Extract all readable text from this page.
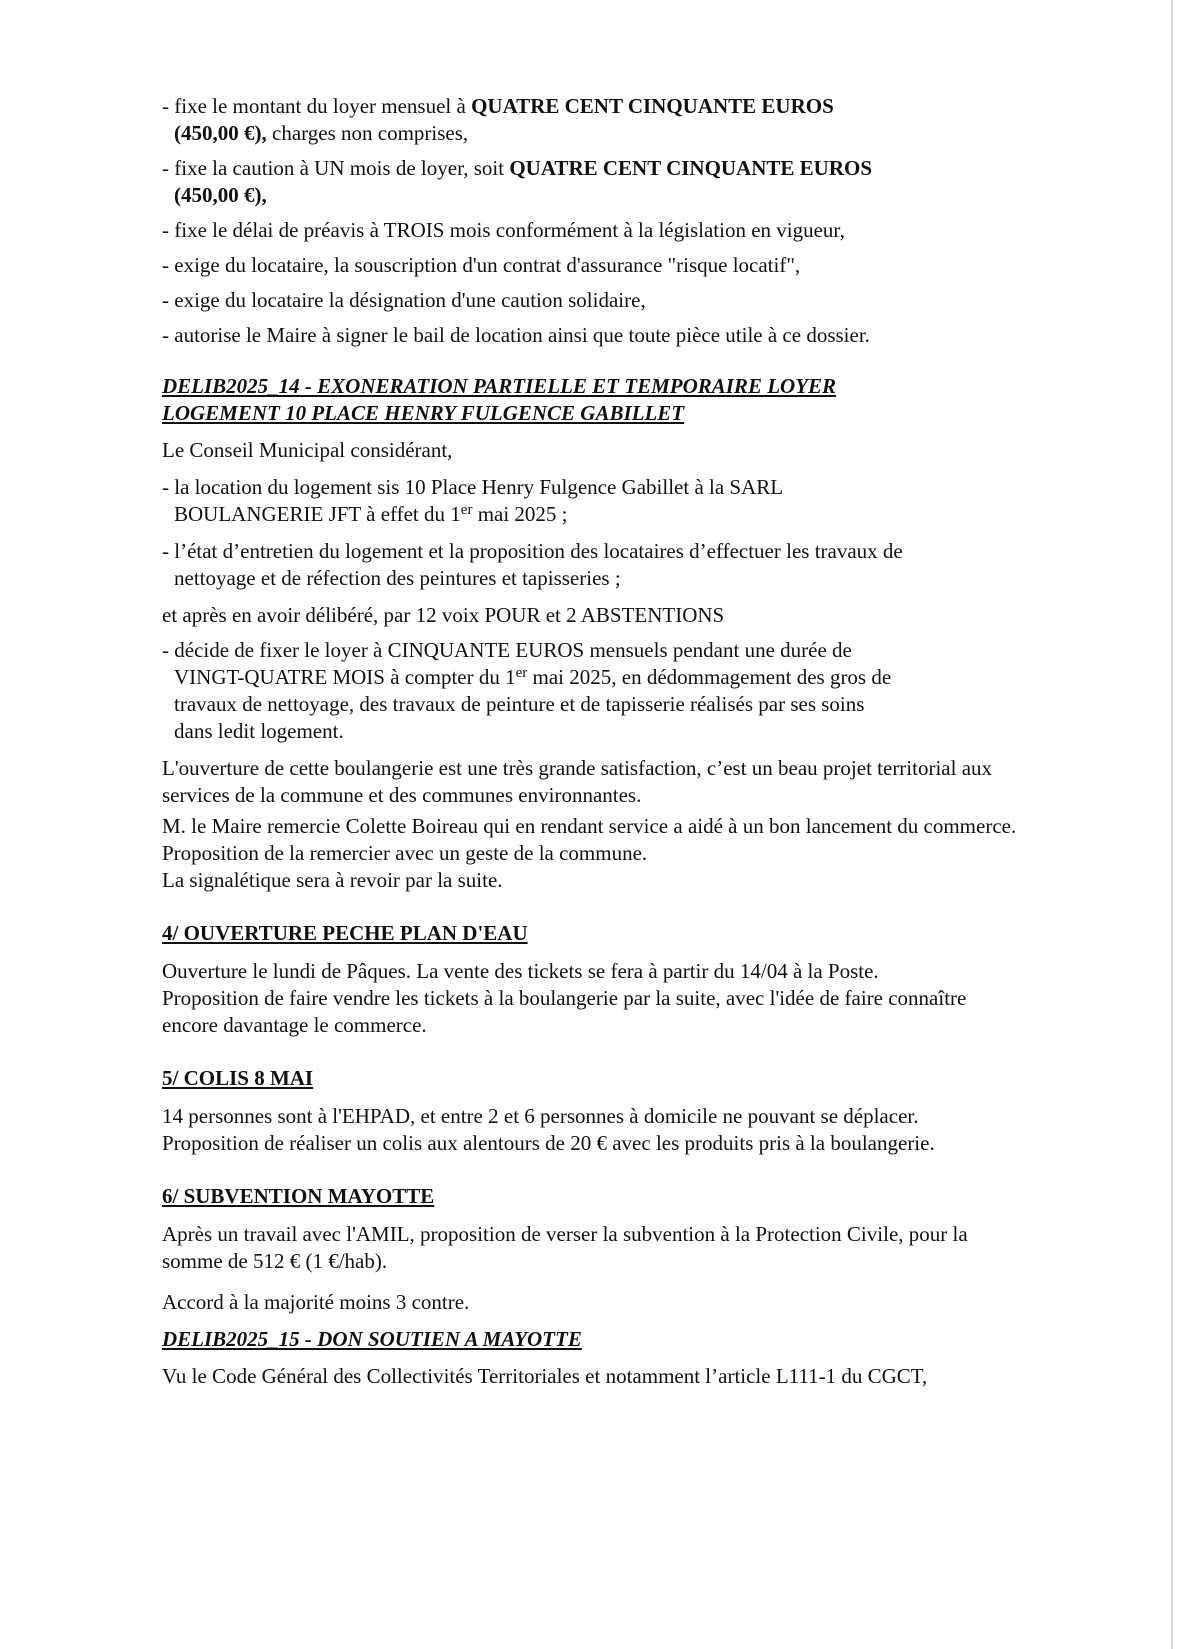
- fixe le montant du loyer mensuel à QUATRE CENT CINQUANTE EUROS
(450,00 €), charges non comprises,
- fixe la caution à UN mois de loyer, soit QUATRE CENT CINQUANTE EUROS
(450,00 €),

- fixe le délai de préavis à TROIS mois conformément à la législation en vigueur,

- exige du locataire, la souscription d'un contrat d'assurance "risque locatif",

- exige du locataire la désignation d'une caution solidaire,

- autorise le Maire à signer le bail de location ainsi que toute pièce utile à ce dossier.

DELIB2025_14 - EXONERATION PARTIELLE ET TEMPORAIRE LOYER
LOGEMENT 10 PLACE HENRY FULGENCE GABILLET

Le Conseil Municipal considérant,

- la location du logement sis 10 Place Henry Fulgence Gabillet à la SARL
BOULANGERIE JFT à effet du 1er mai 2025 ;
- l’état d’entretien du logement et la proposition des locataires d’effectuer les travaux de
nettoyage et de réfection des peintures et tapisseries ;

et après en avoir délibéré, par 12 voix POUR et 2 ABSTENTIONS

- décide de fixer le loyer à CINQUANTE EUROS mensuels pendant une durée de
VINGT-QUATRE MOIS à compter du 1er mai 2025, en dédommagement des gros de
travaux de nettoyage, des travaux de peinture et de tapisserie réalisés par ses soins
dans ledit logement.

L'ouverture de cette boulangerie est une très grande satisfaction, c’est un beau projet territorial aux services de la commune et des communes environnantes.

M. le Maire remercie Colette Boireau qui en rendant service a aidé à un bon lancement du commerce. Proposition de la remercier avec un geste de la commune.

La signalétique sera à revoir par la suite.

4/ OUVERTURE PECHE PLAN D'EAU

Ouverture le lundi de Pâques. La vente des tickets se fera à partir du 14/04 à la Poste.

Proposition de faire vendre les tickets à la boulangerie par la suite, avec l'idée de faire connaître encore davantage le commerce.

5/ COLIS 8 MAI

14 personnes sont à l'EHPAD, et entre 2 et 6 personnes à domicile ne pouvant se déplacer.

Proposition de réaliser un colis aux alentours de 20 € avec les produits pris à la boulangerie.

6/ SUBVENTION MAYOTTE

Après un travail avec l'AMIL, proposition de verser la subvention à la Protection Civile, pour la somme de 512 € (1 €/hab).

Accord à la majorité moins 3 contre.

DELIB2025_15 - DON SOUTIEN A MAYOTTE

Vu le Code Général des Collectivités Territoriales et notamment l’article L111-1 du CGCT,
